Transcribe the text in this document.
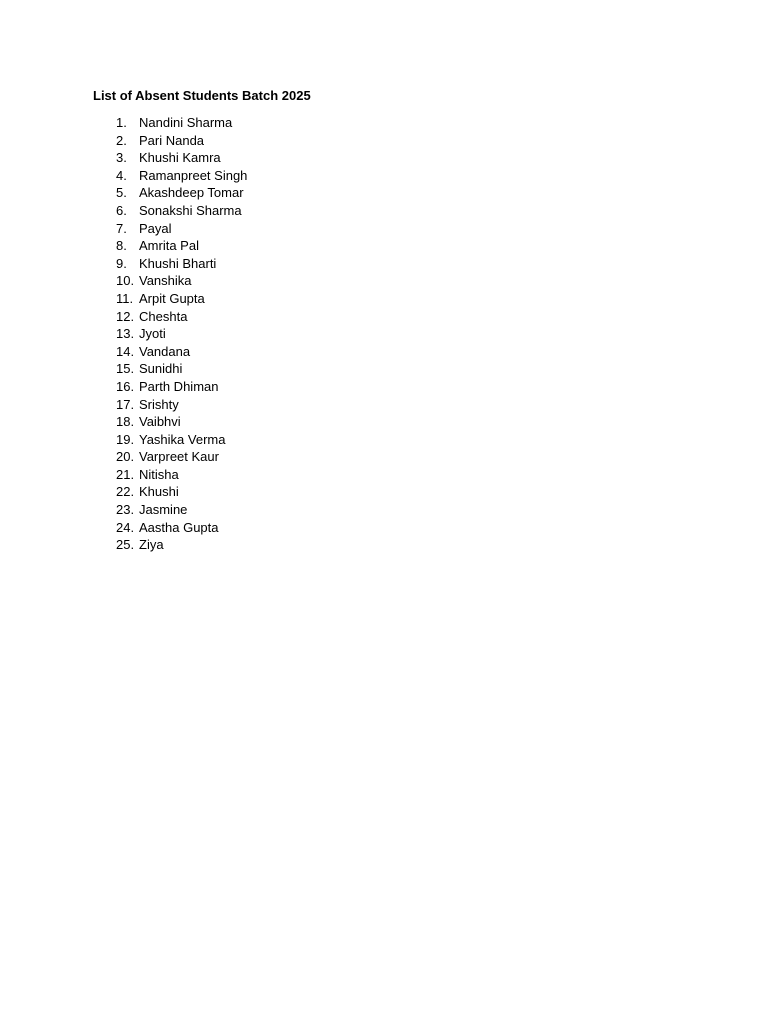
List of Absent Students Batch 2025
1. Nandini Sharma
2. Pari Nanda
3. Khushi Kamra
4. Ramanpreet Singh
5. Akashdeep Tomar
6. Sonakshi Sharma
7. Payal
8. Amrita Pal
9. Khushi Bharti
10. Vanshika
11. Arpit Gupta
12. Cheshta
13. Jyoti
14. Vandana
15. Sunidhi
16. Parth Dhiman
17. Srishty
18. Vaibhvi
19. Yashika Verma
20. Varpreet Kaur
21. Nitisha
22. Khushi
23. Jasmine
24. Aastha Gupta
25. Ziya
